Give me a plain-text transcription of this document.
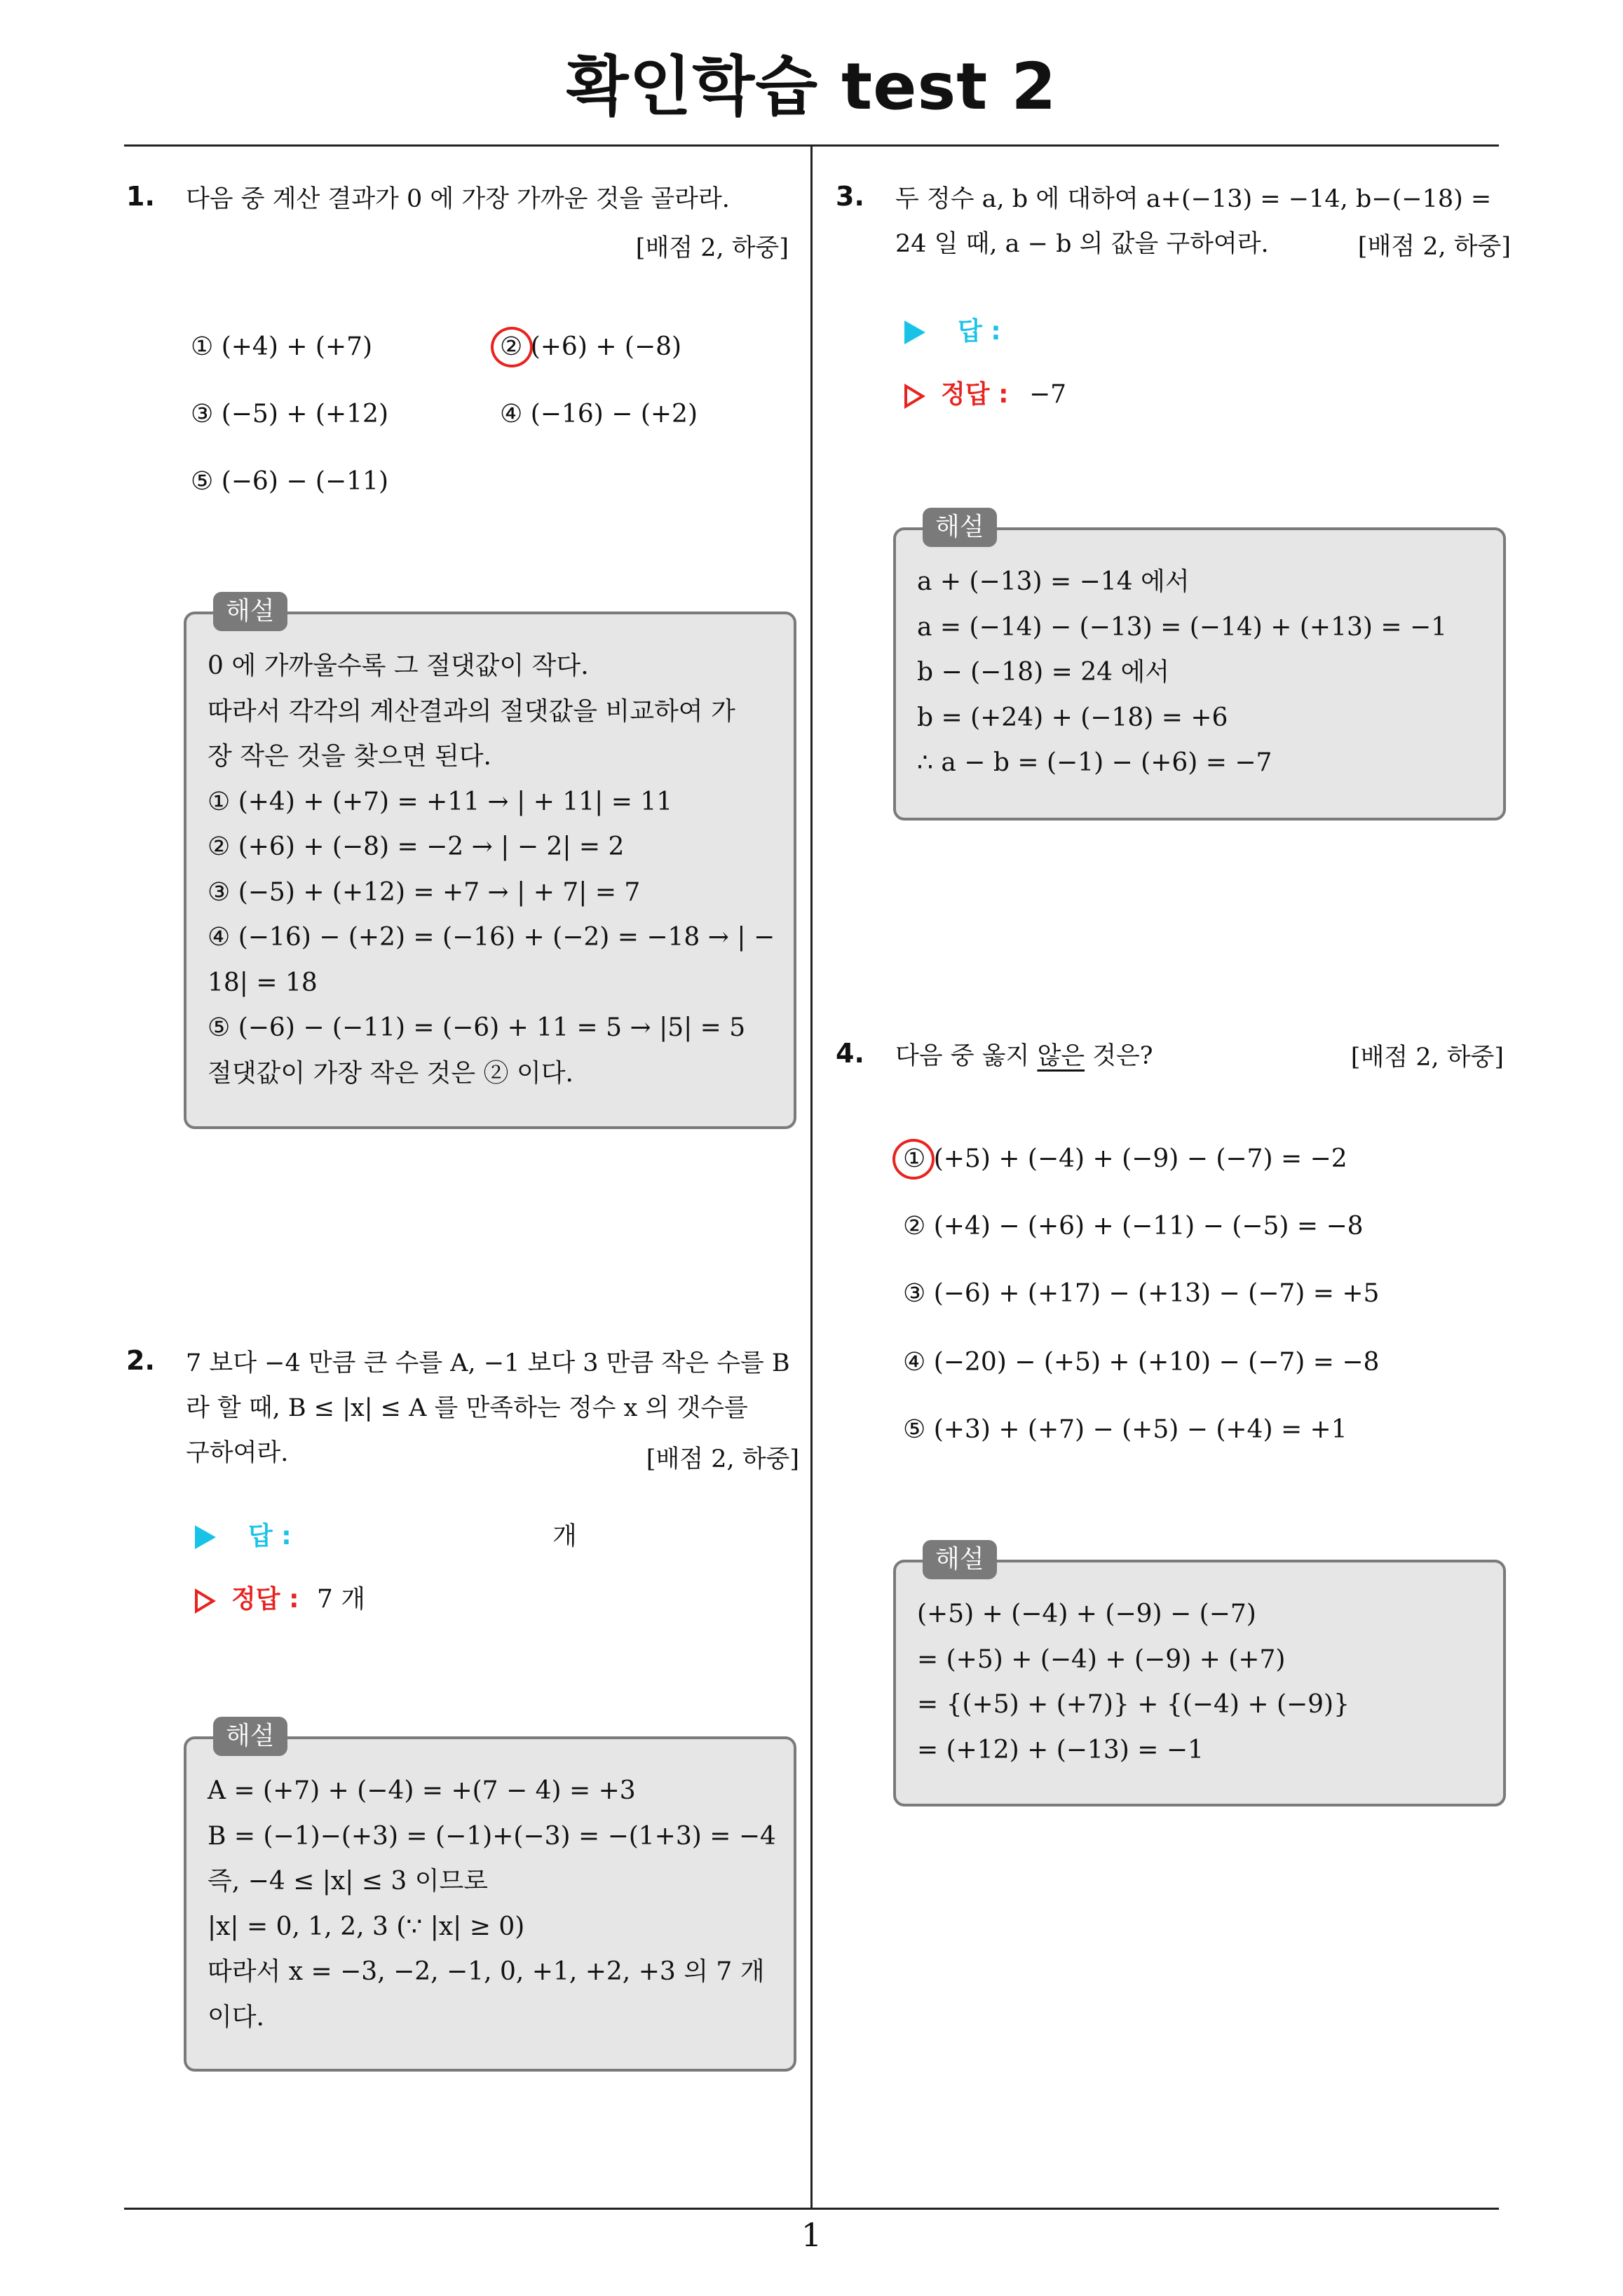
확인학습 test 2
1
1. 다음 중 계산 결과가 0 에 가장 가까운 것을 골라라.
[배점 2, 하중]
① (+4) + (+7)	② (+6) + (−8)
③ (−5) + (+12)	④ (−16) − (+2)
⑤ (−6) − (−11)
해설
0 에 가까울수록 그 절댓값이 작다.
따라서 각각의 계산결과의 절댓값을 비교하여 가
장 작은 것을 찾으면 된다.
① (+4) + (+7) = +11 → | + 11| = 11
② (+6) + (−8) = −2 → | − 2| = 2
③ (−5) + (+12) = +7 → | + 7| = 7
④ (−16) − (+2) = (−16) + (−2) = −18 → | −
18| = 18
⑤ (−6) − (−11) = (−6) + 11 = 5 → |5| = 5
절댓값이 가장 작은 것은 ② 이다.
2. 7 보다 −4 만큼 큰 수를 A, −1 보다 3 만큼 작은 수를 B
라 할 때, B ≤ |x| ≤ A 를 만족하는 정수 x 의 갯수를
구하여라.	[배점 2, 하중]
답 :	개
정답 : 7 개
해설
A = (+7) + (−4) = +(7 − 4) = +3
B = (−1)−(+3) = (−1)+(−3) = −(1+3) = −4
즉, −4 ≤ |x| ≤ 3 이므로
|x| = 0, 1, 2, 3 (∵ |x| ≥ 0)
따라서 x = −3, −2, −1, 0, +1, +2, +3 의 7 개
이다.
3. 두 정수 a, b 에 대하여 a+(−13) = −14, b−(−18) =
24 일 때, a − b 의 값을 구하여라.	[배점 2, 하중]
답 :
정답 : −7
해설
a + (−13) = −14 에서
a = (−14) − (−13) = (−14) + (+13) = −1
b − (−18) = 24 에서
b = (+24) + (−18) = +6
∴ a − b = (−1) − (+6) = −7
4. 다음 중 옳지 않은 것은?	[배점 2, 하중]
① (+5) + (−4) + (−9) − (−7) = −2
② (+4) − (+6) + (−11) − (−5) = −8
③ (−6) + (+17) − (+13) − (−7) = +5
④ (−20) − (+5) + (+10) − (−7) = −8
⑤ (+3) + (+7) − (+5) − (+4) = +1
해설
(+5) + (−4) + (−9) − (−7)
= (+5) + (−4) + (−9) + (+7)
= {(+5) + (+7)} + {(−4) + (−9)}
= (+12) + (−13) = −1
